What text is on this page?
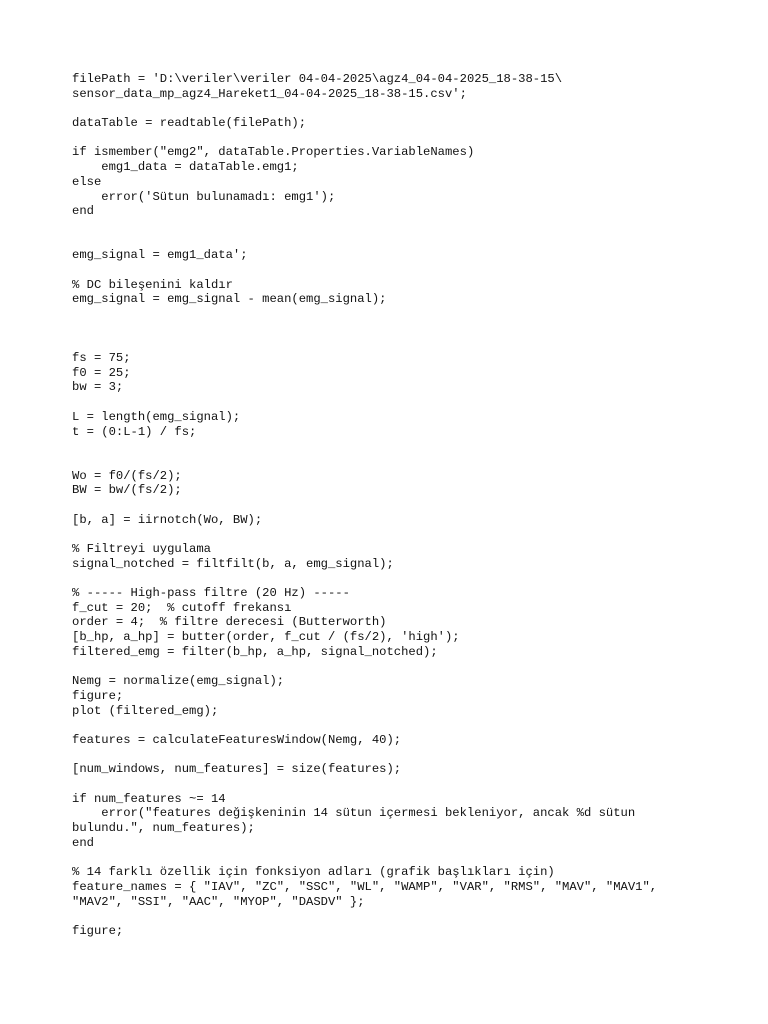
filePath = 'D:\veriler\veriler 04-04-2025\agz4_04-04-2025_18-38-15\
sensor_data_mp_agz4_Hareket1_04-04-2025_18-38-15.csv';
dataTable = readtable(filePath);
if ismember("emg2", dataTable.Properties.VariableNames)
emg1_data = dataTable.emg1;
else
error('Sütun bulunamadı: emg1');
end
emg_signal = emg1_data';
% DC bileşenini kaldır
emg_signal = emg_signal - mean(emg_signal);
fs = 75;
f0 = 25;
bw = 3;
L = length(emg_signal);
t = (0:L-1) / fs;
Wo = f0/(fs/2);
BW = bw/(fs/2);
[b, a] = iirnotch(Wo, BW);
% Filtreyi uygulama
signal_notched = filtfilt(b, a, emg_signal);
% ----- High-pass filtre (20 Hz) -----
f_cut = 20;  % cutoff frekansı
order = 4;  % filtre derecesi (Butterworth)
[b_hp, a_hp] = butter(order, f_cut / (fs/2), 'high');
filtered_emg = filter(b_hp, a_hp, signal_notched);
Nemg = normalize(emg_signal);
figure;
plot (filtered_emg);
features = calculateFeaturesWindow(Nemg, 40);
[num_windows, num_features] = size(features);
if num_features ~= 14
error("features değişkeninin 14 sütun içermesi bekleniyor, ancak %d sütun
bulundu.", num_features);
end
% 14 farklı özellik için fonksiyon adları (grafik başlıkları için)
feature_names = { "IAV", "ZC", "SSC", "WL", "WAMP", "VAR", "RMS", "MAV", "MAV1",
"MAV2", "SSI", "AAC", "MYOP", "DASDV" };
figure;
